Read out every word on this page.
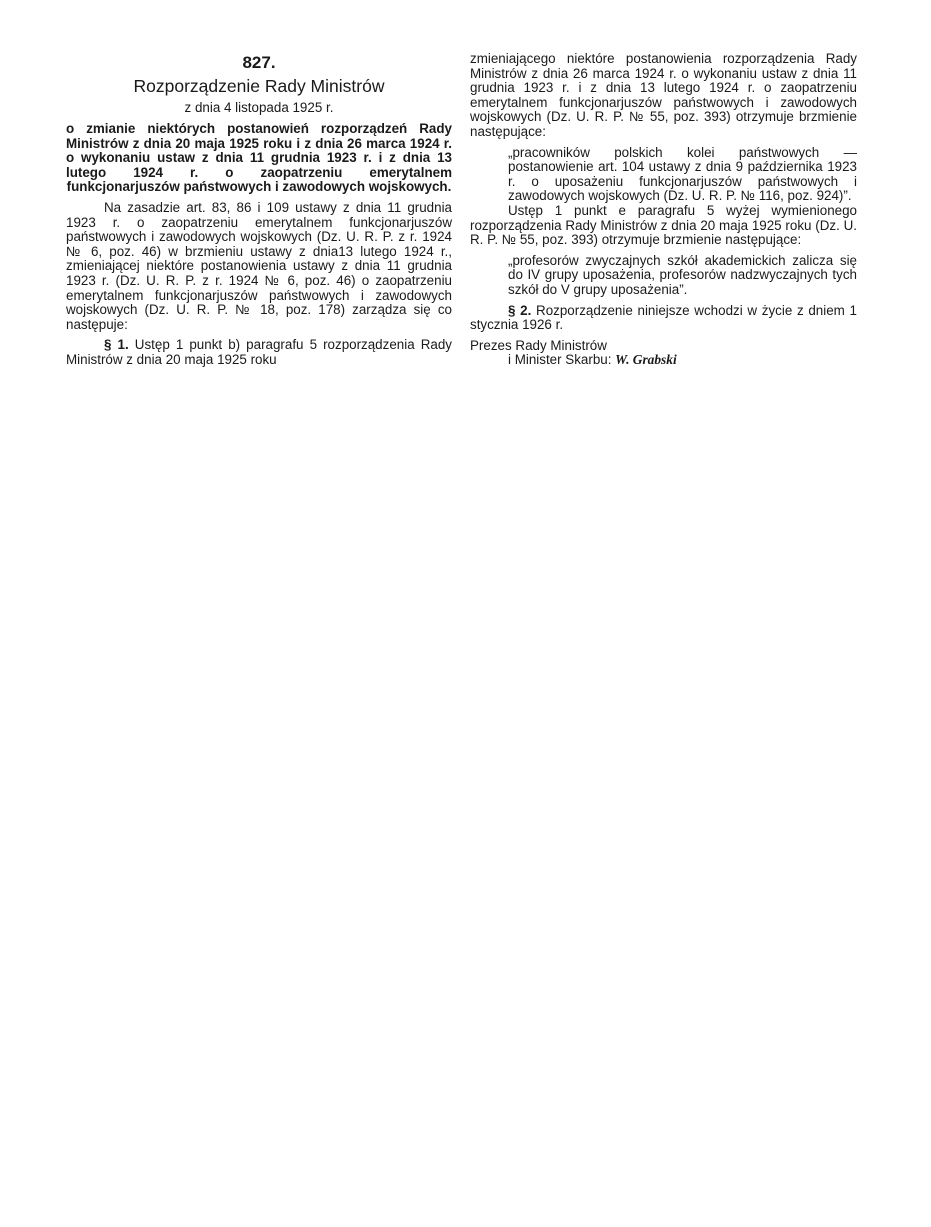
827.
Rozporządzenie Rady Ministrów
z dnia 4 listopada 1925 r.
o zmianie niektórych postanowień rozporządzeń Rady Ministrów z dnia 20 maja 1925 roku i z dnia 26 marca 1924 r. o wykonaniu ustaw z dnia 11 grudnia 1923 r. i z dnia 13 lutego 1924 r. o zaopatrzeniu emerytalnem funkcjonarjuszów państwowych i zawodowych wojskowych.

Na zasadzie art. 83, 86 i 109 ustawy z dnia 11 grudnia 1923 r. o zaopatrzeniu emerytalnem funkcjonarjuszów państwowych i zawodowych wojskowych (Dz. U. R. P. z r. 1924 № 6, poz. 46) w brzmieniu ustawy z dnia13 lutego 1924 r., zmieniającej niektóre postanowienia ustawy z dnia 11 grudnia 1923 r. (Dz. U. R. P. z r. 1924 № 6, poz. 46) o zaopatrzeniu emerytalnem funkcjonarjuszów państwowych i zawodowych wojskowych (Dz. U. R. P. № 18, poz. 178) zarządza się co następuje:

§ 1. Ustęp 1 punkt b) paragrafu 5 rozporządzenia Rady Ministrów z dnia 20 maja 1925 roku

zmieniającego niektóre postanowienia rozporządzenia Rady Ministrów z dnia 26 marca 1924 r. o wykonaniu ustaw z dnia 11 grudnia 1923 r. i z dnia 13 lutego 1924 r. o zaopatrzeniu emerytalnem funkcjonarjuszów państwowych i zawodowych wojskowych (Dz. U. R. P. № 55, poz. 393) otrzymuje brzmienie następujące:

„pracowników polskich kolei państwowych — postanowienie art. 104 ustawy z dnia 9 października 1923 r. o uposażeniu funkcjonarjuszów państwowych i zawodowych wojskowych (Dz. U. R. P. № 116, poz. 924)”.

Ustęp 1 punkt e paragrafu 5 wyżej wymienionego rozporządzenia Rady Ministrów z dnia 20 maja 1925 roku (Dz. U. R. P. № 55, poz. 393) otrzymuje brzmienie następujące:

„profesorów zwyczajnych szkół akademickich zalicza się do IV grupy uposażenia, profesorów nadzwyczajnych tych szkół do V grupy uposażenia”.

§ 2. Rozporządzenie niniejsze wchodzi w życie z dniem 1 stycznia 1926 r.

Prezes Rady Ministrów
i Minister Skarbu: W. Grabski
